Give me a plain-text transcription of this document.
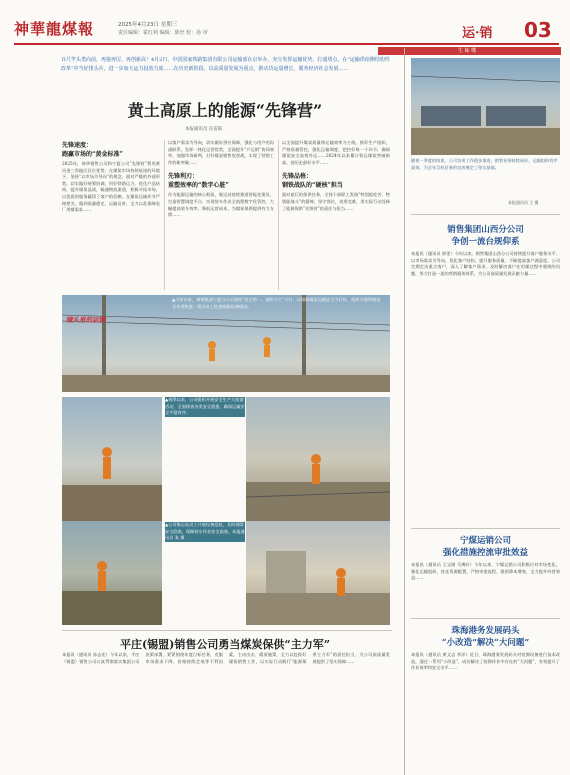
神華龍煤報	2025年4月23日 星期三
责任编辑：霍红利 编辑：陈丝 校：孙 审	运·销 03
生 姊 喋
百尺竿头勇向前，再接再厉，再创新高！4月2日，中国国家铁路集团有限公司运输部在京举办，充分发挥运输优势，打通堵点，在“运输供给侧结构性改革”中当好排头兵，进一步加大运力投放力度……在历史新阶段、以高质量发展为重点，推动货运量增长，服务经济社会发展……
黄土高原上的能源“先锋营”
本报通讯员 任雷阳
先锋速度：
跑赢市场的“黄金标准”
2025年，神华销售公司和宁夏公司“先锋营”利用黄河金三角地区区位优势，在煤炭市场持续低迷的环境下，坚持“以市场为导向”的理念，面对严峻的外部形势，切实做好统筹协调，用好铁路运力，优化产品结构，提升煤炭品质，畅通物流渠道，积极开拓市场，以优质的服务赢得了客户的信赖。在煤炭运输环节严格把关，做到质量稳定，运输及时，全力以赴保障电厂用煤需求……
以客户需求为导向，切实做好供应保障，强化与用户的沟通联系，发挥一体化运营优势，全面提升“产运销”协同效率，加强市场研判，打好煤炭销售攻坚战，实现了营销工作的新突破……
先锋利刃：
重塑效率的“数字心脏”
作为能源运输的核心枢纽，集运站持续推进智能化建设，打造智慧调度平台，实现装车作业全流程数字化管控，大幅提高装车效率，降低运营成本，为煤炭保供提供有力支撑……
以全面提升煤炭质量和运输效率为主线，抓好生产组织，严格质量管控，强化运输调度，把控好每一个环节，确保煤炭安全高效外运……2024年以来累计装运煤炭突破新高，创历史最好水平……
先锋品格：
钢铁战队的“硬核”担当
面对艰巨的保供任务，全体干部职工发扬“特别能吃苦、特别能战斗”的精神，坚守岗位，攻坚克难，用实际行动诠释了能源保供“先锋营”的责任与担当……
镜头里的运销
▲今年以来，神销集团宁夏分公司坚持“安全第一、预防为主”方针，以保障煤炭运输安全为目标，组织开展铁路安全专项检查。图为员工检查线路设备情况。
▲春季以来，公司组织开展安全生产大检查活动，全面排查各类安全隐患，确保运输安全平稳有序。
▲公司集运站员工开展设备巡检，及时消除安全隐患，保障装车作业安全高效。本报通讯员 张 摄
平庄(锡盟)销售公司勇当煤炭保供“主力军”
本报讯（通讯员 孙志宏）今年以来，平庄（锡盟）销售公司认真贯彻落实集团公司决策部署，紧紧围绕年度目标任务，克服市场需求下降、价格持续走低等不利因素，主动出击、精准施策，全力以赴抓好煤炭销售工作，以实际行动践行“能源保供主力军”的责任担当，为公司高质量发展提供了坚实保障……
随着一季度的结束，公司各项工作稳步推进，销售业绩持续向好，运输组织有序高效，为全年目标任务的完成奠定了坚实基础。
本报通讯员 王 摄
销售集团山西分公司
争创一流台规仰系
本报讯（通讯员 郭雯）今年以来，销售集团山西分公司持续提升客户服务水平，以市场需求为导向，优化客户结构，提升服务质量，不断提高客户满意度。公司定期走访重点客户，深入了解客户需求，及时解决客户在用煤过程中遇到的问题，努力打造一流的营销服务体系，为公司高质量发展贡献力量……
宁煤运销公司
强化措施控流审批效益
本报讯（通讯员 王宝刚 马博轩）今年以来，宁煤运销公司积极应对市场变化，强化运输组织，优化资源配置，严格审批流程，狠抓降本增效，全力提升经营效益……
珠海港务发展码头
“小改造”解决“大问题”
本报讯（通讯员 黄文志 李洋）近日，珠海港务发展码头对装卸设备进行技术改造，通过一系列“小改造”，成功解决了装卸作业中存在的“大问题”，有效提升了作业效率和安全水平……
